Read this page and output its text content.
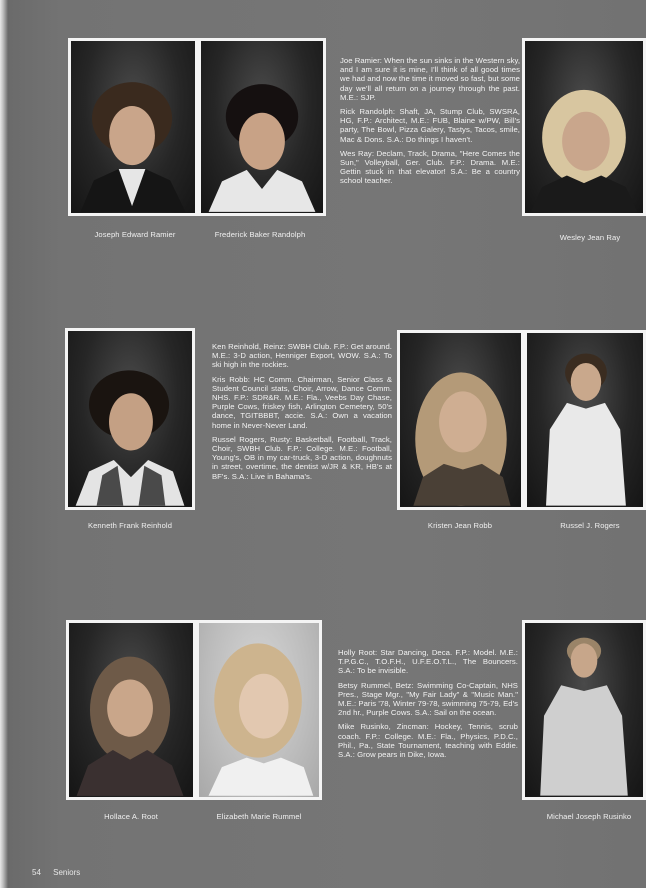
Joseph Edward Ramier	Frederick Baker Randolph

Joe Ramier: When the sun sinks in the Western sky, and I am sure it is mine, I'll think of all good times we had and now the time it moved so fast, but some day we'll all return on a journey through the past. M.E.: SJP.

Rick Randolph: Shaft, JA, Stump Club, SWSRA, HG, F.P.: Architect, M.E.: FUB, Blaine w/PW, Bill's party, The Bowl, Pizza Galery, Tastys, Tacos, smile, Mac & Dons. S.A.: Do things I haven't.

Wes Ray: Declam, Track, Drama, "Here Comes the Sun," Volleyball, Ger. Club. F.P.: Drama. M.E.: Gettin stuck in that elevator! S.A.: Be a country school teacher.

Wesley Jean Ray
Kenneth Frank Reinhold

Ken Reinhold, Reinz: SWBH Club. F.P.: Get around. M.E.: 3-D action, Henniger Export, WOW. S.A.: To ski high in the rockies.

Kris Robb: HC Comm. Chairman, Senior Class & Student Council stats, Choir, Arrow, Dance Comm. NHS. F.P.: SDR&R. M.E.: Fla., Veebs Day Chase, Purple Cows, friskey fish, Arlington Cemetery, 50's dance, TGITBBBT, accie. S.A.: Own a vacation home in Never-Never Land.

Russel Rogers, Rusty: Basketball, Football, Track, Choir, SWBH Club. F.P.: College. M.E.: Football, Young's, OB in my car-truck, 3-D action, doughnuts in street, overtime, the dentist w/JR & KR, HB's at BF's. S.A.: Live in Bahama's.

Kristen Jean Robb	Russel J. Rogers
Hollace A. Root	Elizabeth Marie Rummel

Holly Root: Star Dancing, Deca. F.P.: Model. M.E.: T.P.G.C., T.O.F.H., U.F.E.O.T.L., The Bouncers. S.A.: To be invisible.

Betsy Rummel, Betz: Swimming Co-Captain, NHS Pres., Stage Mgr., "My Fair Lady" & "Music Man." M.E.: Paris '78, Winter 79-78, swimming 75-79, Ed's 2nd hr., Purple Cows. S.A.: Sail on the ocean.

Mike Rusinko, Zincman: Hockey, Tennis, scrub coach. F.P.: College. M.E.: Fla., Physics, P.D.C., Phil., Pa., State Tournament, teaching with Eddie. S.A.: Grow pears in Dike, Iowa.

Michael Joseph Rusinko
54 Seniors
